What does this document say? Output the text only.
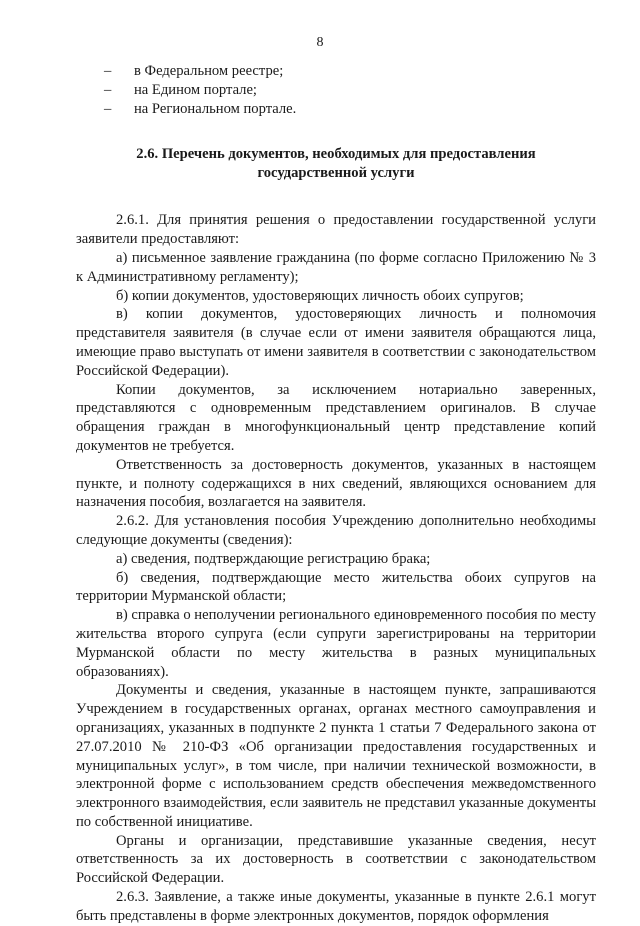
8
– в Федеральном реестре;
– на Едином портале;
– на Региональном портале.
2.6. Перечень документов, необходимых для предоставления государственной услуги

2.6.1. Для принятия решения о предоставлении государственной услуги заявители предоставляют:

а) письменное заявление гражданина (по форме согласно Приложению № 3 к Административному регламенту);

б) копии документов, удостоверяющих личность обоих супругов;

в) копии документов, удостоверяющих личность и полномочия представителя заявителя (в случае если от имени заявителя обращаются лица, имеющие право выступать от имени заявителя в соответствии с законодательством Российской Федерации).

Копии документов, за исключением нотариально заверенных, представляются с одновременным представлением оригиналов. В случае обращения граждан в многофункциональный центр представление копий документов не требуется.

Ответственность за достоверность документов, указанных в настоящем пункте, и полноту содержащихся в них сведений, являющихся основанием для назначения пособия, возлагается на заявителя.

2.6.2. Для установления пособия Учреждению дополнительно необходимы следующие документы (сведения):

а) сведения, подтверждающие регистрацию брака;

б) сведения, подтверждающие место жительства обоих супругов на территории Мурманской области;

в) справка о неполучении регионального единовременного пособия по месту жительства второго супруга (если супруги зарегистрированы на территории Мурманской области по месту жительства в разных муниципальных образованиях).

Документы и сведения, указанные в настоящем пункте, запрашиваются Учреждением в государственных органах, органах местного самоуправления и организациях, указанных в подпункте 2 пункта 1 статьи 7 Федерального закона от 27.07.2010 № 210-ФЗ «Об организации предоставления государственных и муниципальных услуг», в том числе, при наличии технической возможности, в электронной форме с использованием средств обеспечения межведомственного электронного взаимодействия, если заявитель не представил указанные документы по собственной инициативе.

Органы и организации, представившие указанные сведения, несут ответственность за их достоверность в соответствии с законодательством Российской Федерации.

2.6.3. Заявление, а также иные документы, указанные в пункте 2.6.1 могут быть представлены в форме электронных документов, порядок оформления
